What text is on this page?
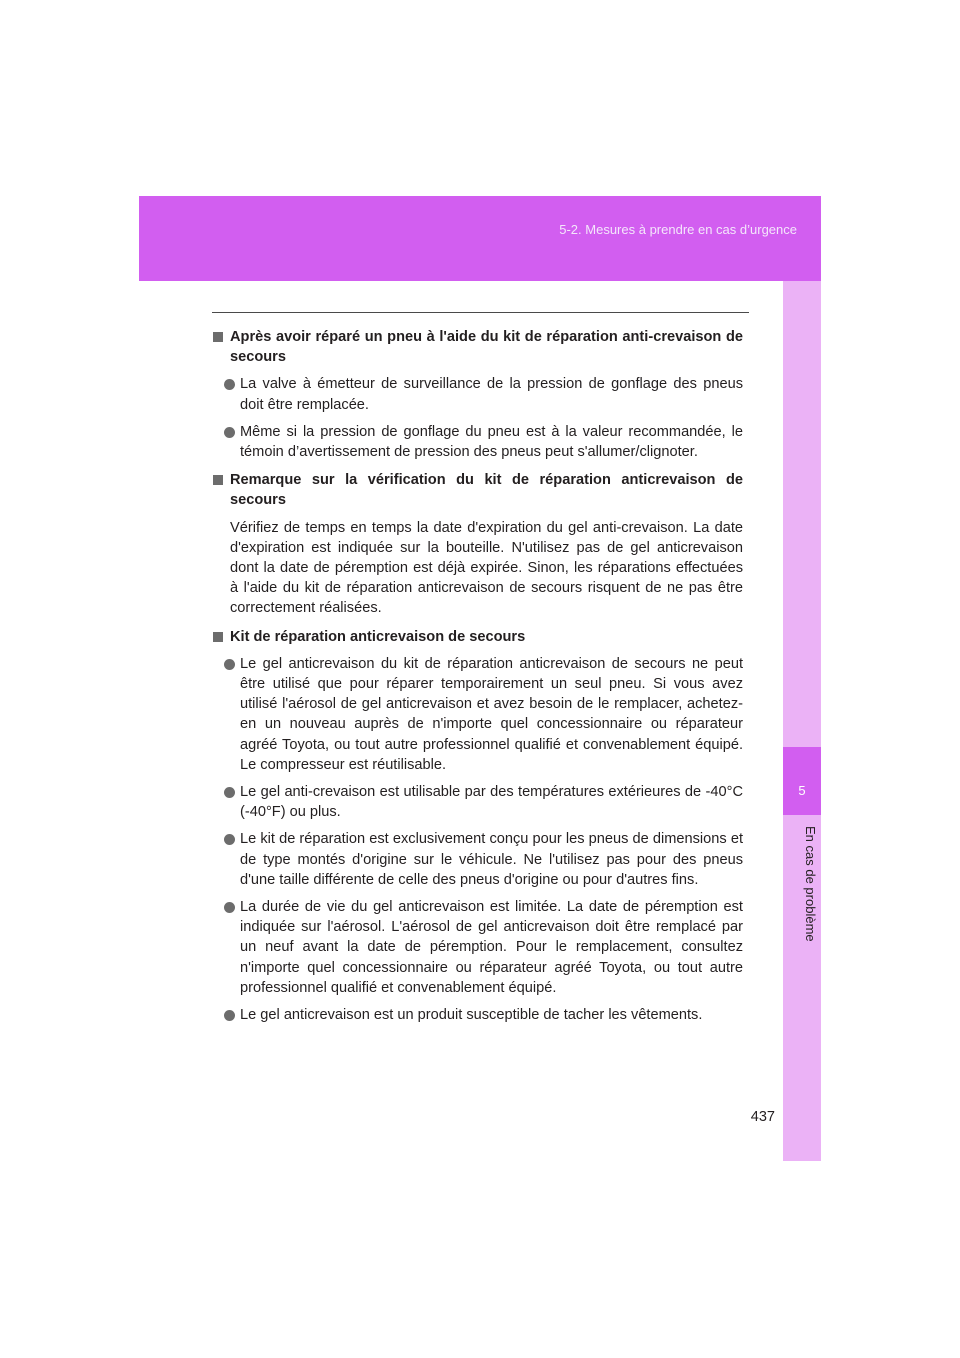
5-2. Mesures à prendre en cas d’urgence
5
En cas de problème
Après avoir réparé un pneu à l'aide du kit de réparation anti-crevaison de secours
La valve à émetteur de surveillance de la pression de gonflage des pneus doit être remplacée.
Même si la pression de gonflage du pneu est à la valeur recommandée, le témoin d’avertissement de pression des pneus peut s'allumer/clignoter.
Remarque sur la vérification du kit de réparation anticrevaison de secours
Vérifiez de temps en temps la date d'expiration du gel anti-crevaison. La date d'expiration est indiquée sur la bouteille. N'utilisez pas de gel anticrevaison dont la date de péremption est déjà expirée. Sinon, les réparations effectuées à l'aide du kit de réparation anticrevaison de secours risquent de ne pas être correctement réalisées.
Kit de réparation anticrevaison de secours
Le gel anticrevaison du kit de réparation anticrevaison de secours ne peut être utilisé que pour réparer temporairement un seul pneu. Si vous avez utilisé l'aérosol de gel anticrevaison et avez besoin de le remplacer, achetez-en un nouveau auprès de n'importe quel concessionnaire ou réparateur agréé Toyota, ou tout autre professionnel qualifié et convenablement équipé. Le compresseur est réutilisable.
Le gel anti-crevaison est utilisable par des températures extérieures de -40°C (-40°F) ou plus.
Le kit de réparation est exclusivement conçu pour les pneus de dimensions et de type montés d'origine sur le véhicule. Ne l'utilisez pas pour des pneus d'une taille différente de celle des pneus d'origine ou pour d'autres fins.
La durée de vie du gel anticrevaison est limitée. La date de péremption est indiquée sur l'aérosol. L'aérosol de gel anticrevaison doit être remplacé par un neuf avant la date de péremption. Pour le remplacement, consultez n'importe quel concessionnaire ou réparateur agréé Toyota, ou tout autre professionnel qualifié et convenablement équipé.
Le gel anticrevaison est un produit susceptible de tacher les vêtements.
437
